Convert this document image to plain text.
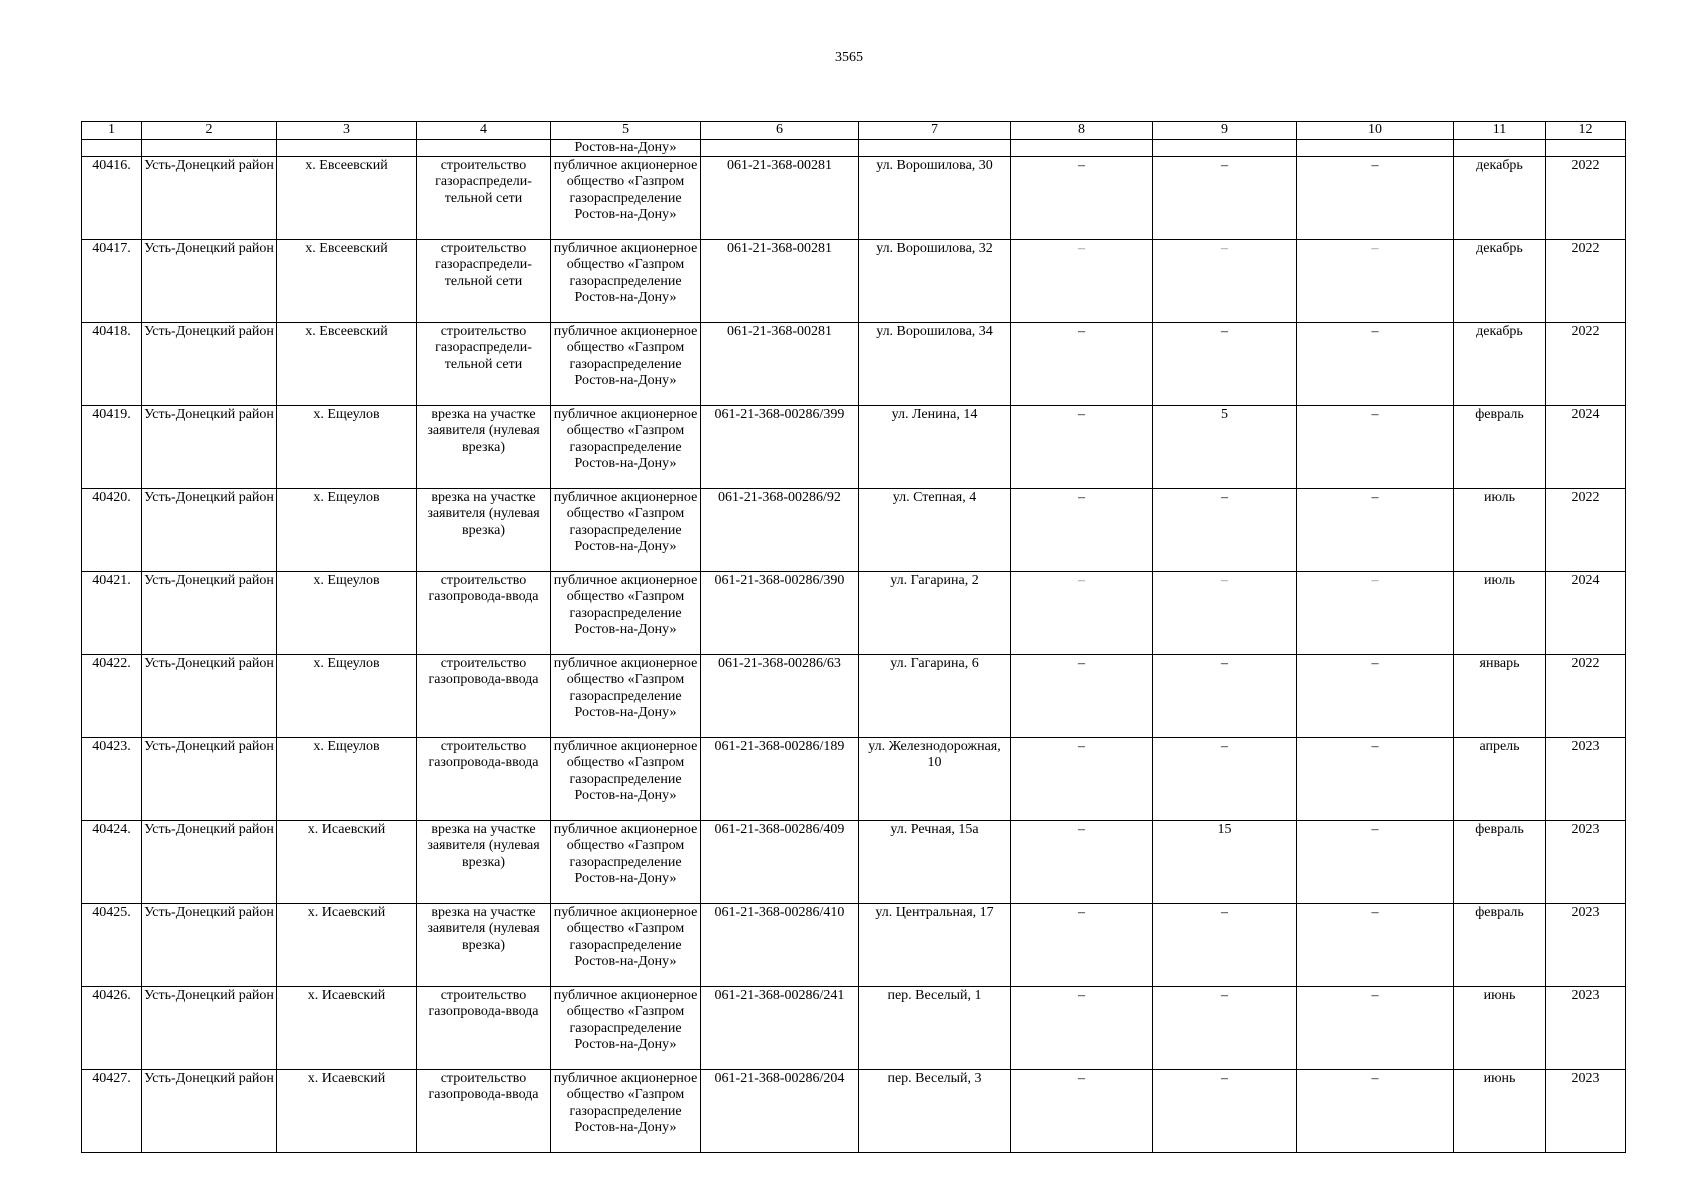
3565
1	2	3	4	5	6	7	8	9	10	11	12
				Ростов-на-Дону»							
40416.	Усть-Донецкий район	х. Евсеевский	строительство газораспредели-тельной сети	публичное акционерное общество «Газпром газораспределение Ростов-на-Дону»	061-21-368-00281	ул. Ворошилова, 30	–	–	–	декабрь	2022
40417.	Усть-Донецкий район	х. Евсеевский	строительство газораспредели-тельной сети	публичное акционерное общество «Газпром газораспределение Ростов-на-Дону»	061-21-368-00281	ул. Ворошилова, 32	–	–	–	декабрь	2022
40418.	Усть-Донецкий район	х. Евсеевский	строительство газораспредели-тельной сети	публичное акционерное общество «Газпром газораспределение Ростов-на-Дону»	061-21-368-00281	ул. Ворошилова, 34	–	–	–	декабрь	2022
40419.	Усть-Донецкий район	х. Ещеулов	врезка на участке заявителя (нулевая врезка)	публичное акционерное общество «Газпром газораспределение Ростов-на-Дону»	061-21-368-00286/399	ул. Ленина, 14	–	5	–	февраль	2024
40420.	Усть-Донецкий район	х. Ещеулов	врезка на участке заявителя (нулевая врезка)	публичное акционерное общество «Газпром газораспределение Ростов-на-Дону»	061-21-368-00286/92	ул. Степная, 4	–	–	–	июль	2022
40421.	Усть-Донецкий район	х. Ещеулов	строительство газопровода-ввода	публичное акционерное общество «Газпром газораспределение Ростов-на-Дону»	061-21-368-00286/390	ул. Гагарина, 2	–	–	–	июль	2024
40422.	Усть-Донецкий район	х. Ещеулов	строительство газопровода-ввода	публичное акционерное общество «Газпром газораспределение Ростов-на-Дону»	061-21-368-00286/63	ул. Гагарина, 6	–	–	–	январь	2022
40423.	Усть-Донецкий район	х. Ещеулов	строительство газопровода-ввода	публичное акционерное общество «Газпром газораспределение Ростов-на-Дону»	061-21-368-00286/189	ул. Железнодорожная, 10	–	–	–	апрель	2023
40424.	Усть-Донецкий район	х. Исаевский	врезка на участке заявителя (нулевая врезка)	публичное акционерное общество «Газпром газораспределение Ростов-на-Дону»	061-21-368-00286/409	ул. Речная, 15а	–	15	–	февраль	2023
40425.	Усть-Донецкий район	х. Исаевский	врезка на участке заявителя (нулевая врезка)	публичное акционерное общество «Газпром газораспределение Ростов-на-Дону»	061-21-368-00286/410	ул. Центральная, 17	–	–	–	февраль	2023
40426.	Усть-Донецкий район	х. Исаевский	строительство газопровода-ввода	публичное акционерное общество «Газпром газораспределение Ростов-на-Дону»	061-21-368-00286/241	пер. Веселый, 1	–	–	–	июнь	2023
40427.	Усть-Донецкий район	х. Исаевский	строительство газопровода-ввода	публичное акционерное общество «Газпром газораспределение Ростов-на-Дону»	061-21-368-00286/204	пер. Веселый, 3	–	–	–	июнь	2023
